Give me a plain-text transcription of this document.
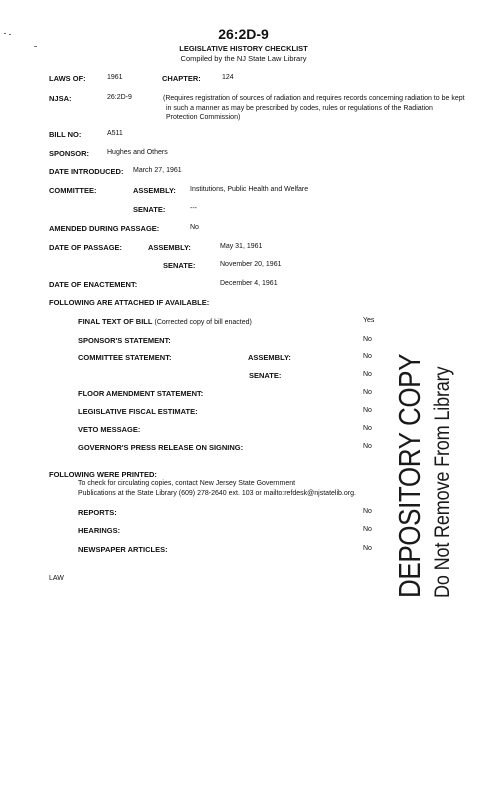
26:2D-9
LEGISLATIVE HISTORY CHECKLIST
Compiled by the NJ State Law Library
LAWS OF:	1961	CHAPTER:	124
NJSA:	26:2D-9	(Requires registration of sources of radiation and requires records concerning radiation to be kept in such a manner as may be prescribed by codes, rules or regulations of the Radiation Protection Commission)
BILL NO:	A511
SPONSOR:	Hughes and Others
DATE INTRODUCED: March 27, 1961
COMMITTEE:	ASSEMBLY: Institutions, Public Health and Welfare
SENATE:	---
AMENDED DURING PASSAGE:	No
DATE OF PASSAGE:	ASSEMBLY:	May 31, 1961
SENATE:	November 20, 1961
DATE OF ENACTEMENT:	December 4, 1961
FOLLOWING ARE ATTACHED IF AVAILABLE:
FINAL TEXT OF BILL (Corrected copy of bill enacted)	Yes
SPONSOR'S STATEMENT:	No
COMMITTEE STATEMENT:	ASSEMBLY:	No
SENATE:	No
FLOOR AMENDMENT STATEMENT:	No
LEGISLATIVE FISCAL ESTIMATE:	No
VETO MESSAGE:	No
GOVERNOR'S PRESS RELEASE ON SIGNING:	No
FOLLOWING WERE PRINTED:
To check for circulating copies, contact New Jersey State Government
Publications at the State Library (609) 278-2640 ext. 103 or mailto:refdesk@njstatelib.org.
REPORTS:	No
HEARINGS:	No
NEWSPAPER ARTICLES:	No
LAW	DEPOSITORY COPY Do Not Remove From Library
